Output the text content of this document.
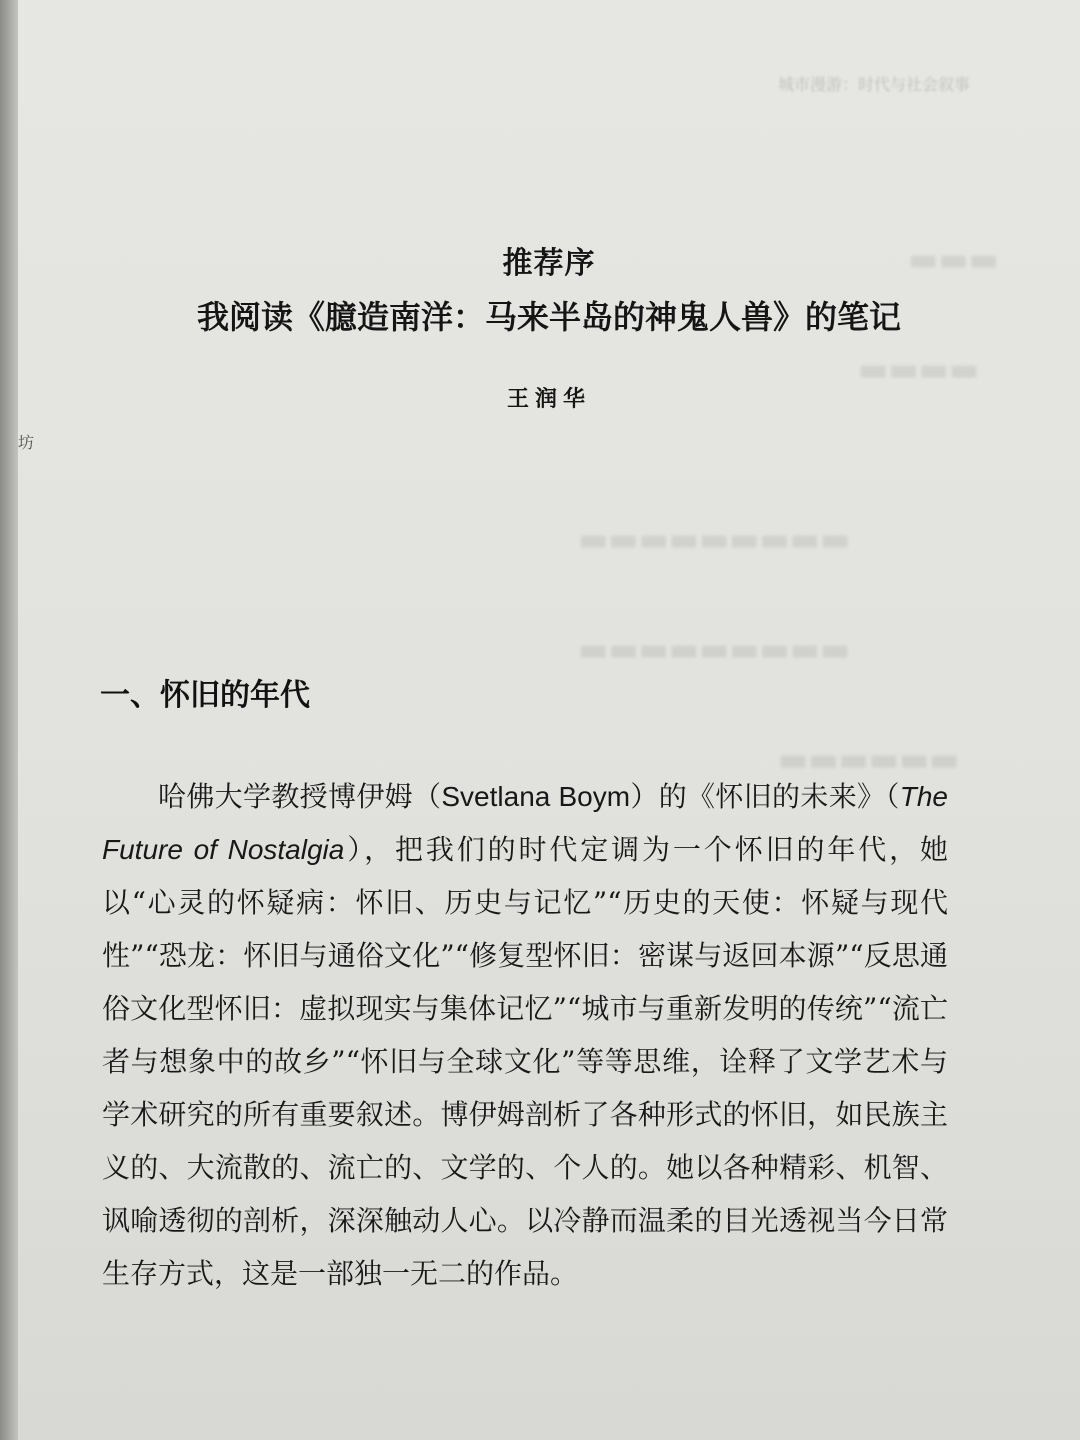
▬▬▬
▬▬▬▬
▬▬▬▬▬▬▬▬▬
▬▬▬▬▬▬▬▬▬
▬▬▬▬▬▬
城市漫游：时代与社会叙事
坊
推荐序
我阅读《臆造南洋：马来半岛的神鬼人兽》的笔记
王润华
一、怀旧的年代

哈佛大学教授博伊姆（Svetlana Boym）的《怀旧的未来》（The Future of Nostalgia），把我们的时代定调为一个怀旧的年代，她以“心灵的怀疑病：怀旧、历史与记忆”“历史的天使：怀疑与现代性”“恐龙：怀旧与通俗文化”“修复型怀旧：密谋与返回本源”“反思通俗文化型怀旧：虚拟现实与集体记忆”“城市与重新发明的传统”“流亡者与想象中的故乡”“怀旧与全球文化”等等思维，诠释了文学艺术与学术研究的所有重要叙述。博伊姆剖析了各种形式的怀旧，如民族主义的、大流散的、流亡的、文学的、个人的。她以各种精彩、机智、讽喻透彻的剖析，深深触动人心。以冷静而温柔的目光透视当今日常生存方式，这是一部独一无二的作品。
